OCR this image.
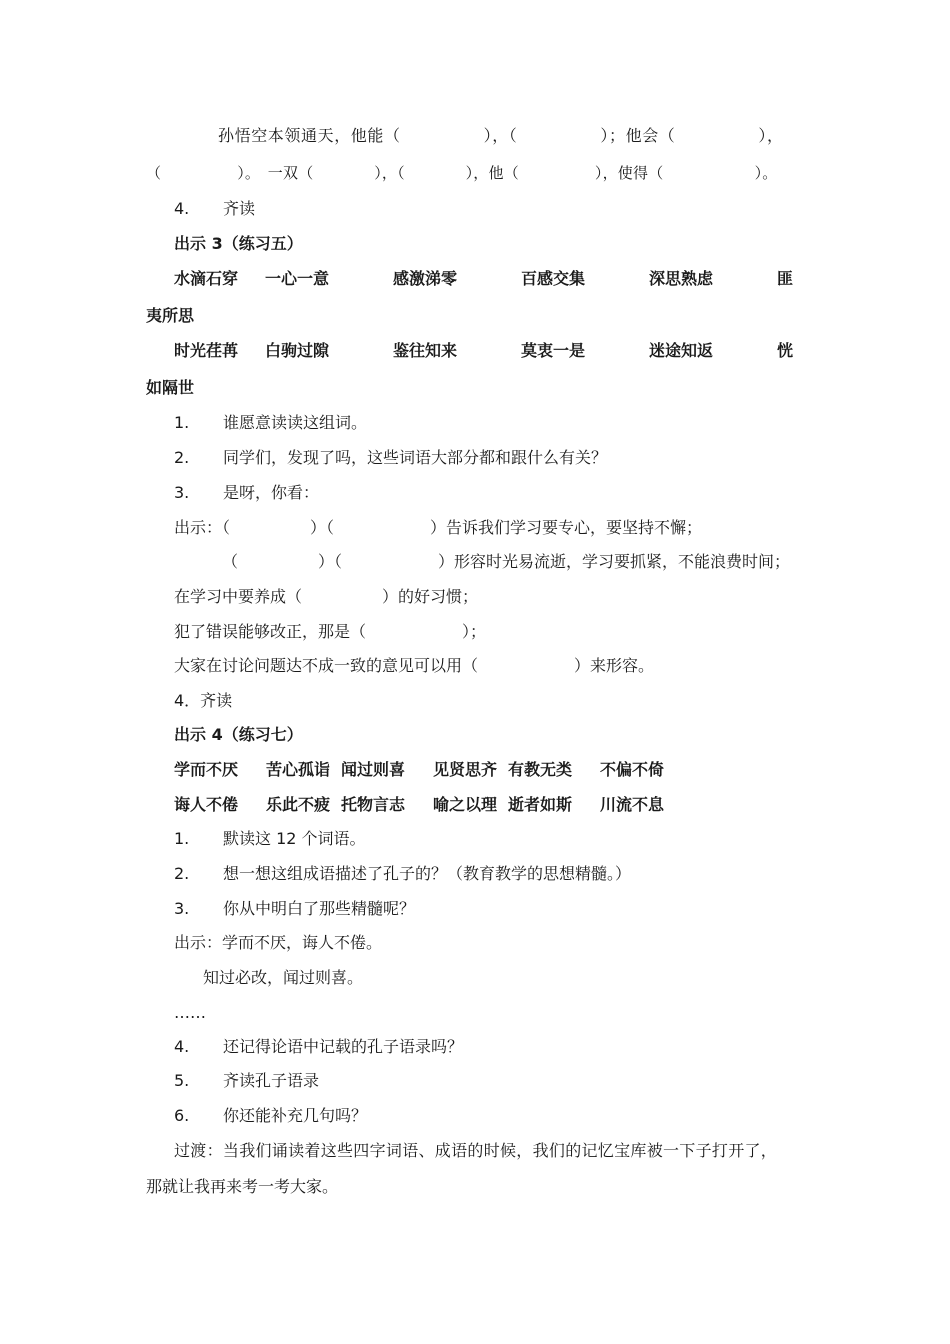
孙悟空本领通天，他能（　　　　　），（　　　　　）；他会（　　　　　），
（　　　　　）。　一双（　　　　），（　　　　），他（　　　　　），使得（　　　　　　）。
4. 齐读
出示 3（练习五）
水滴石穿 一心一意	感激涕零	百感交集	深思熟虑	匪
夷所思
时光荏苒 白驹过隙	鉴往知来	莫衷一是	迷途知返	恍
如隔世
1. 谁愿意读读这组词。
2. 同学们，发现了吗，这些词语大部分都和跟什么有关？
3. 是呀，你看：
出示：（　　　　　）（　　　　　　）告诉我们学习要专心，要坚持不懈；
（　　　　　）（　　　　　　）形容时光易流逝，学习要抓紧，不能浪费时间；
在学习中要养成（　　　　　）的好习惯；
犯了错误能够改正，那是（　　　　　　）；
大家在讨论问题达不成一致的意见可以用（　　　　　　）来形容。
4．齐读
出示 4（练习七）
学而不厌 苦心孤诣 闻过则喜 见贤思齐 有教无类 不偏不倚
诲人不倦 乐此不疲 托物言志 喻之以理 逝者如斯 川流不息
1. 默读这 12 个词语。
2. 想一想这组成语描述了孔子的？（教育教学的思想精髓。）
3. 你从中明白了那些精髓呢？
出示：学而不厌，诲人不倦。
知过必改，闻过则喜。
……
4. 还记得论语中记载的孔子语录吗？
5. 齐读孔子语录
6. 你还能补充几句吗？
过渡：当我们诵读着这些四字词语、成语的时候，我们的记忆宝库被一下子打开了，
那就让我再来考一考大家。
